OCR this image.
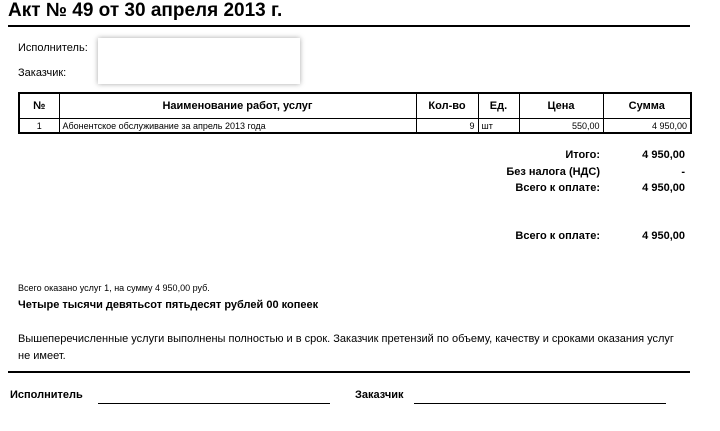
Акт № 49 от 30 апреля 2013 г.
Исполнитель:
Заказчик:
№	Наименование работ, услуг	Кол-во	Ед.	Цена	Сумма
1	Абонентское обслуживание за апрель 2013 года	9	шт	550,00	4 950,00
Итого:	4 950,00
Без налога (НДС)	-
Всего к оплате:	4 950,00
Всего к оплате:	4 950,00
Всего оказано услуг 1, на сумму 4 950,00 руб.
Четыре тысячи девятьсот пятьдесят рублей 00 копеек
Вышеперечисленные услуги выполнены полностью и в срок. Заказчик претензий по объему, качеству и сроками оказания услуг не имеет.
Исполнитель	Заказчик
